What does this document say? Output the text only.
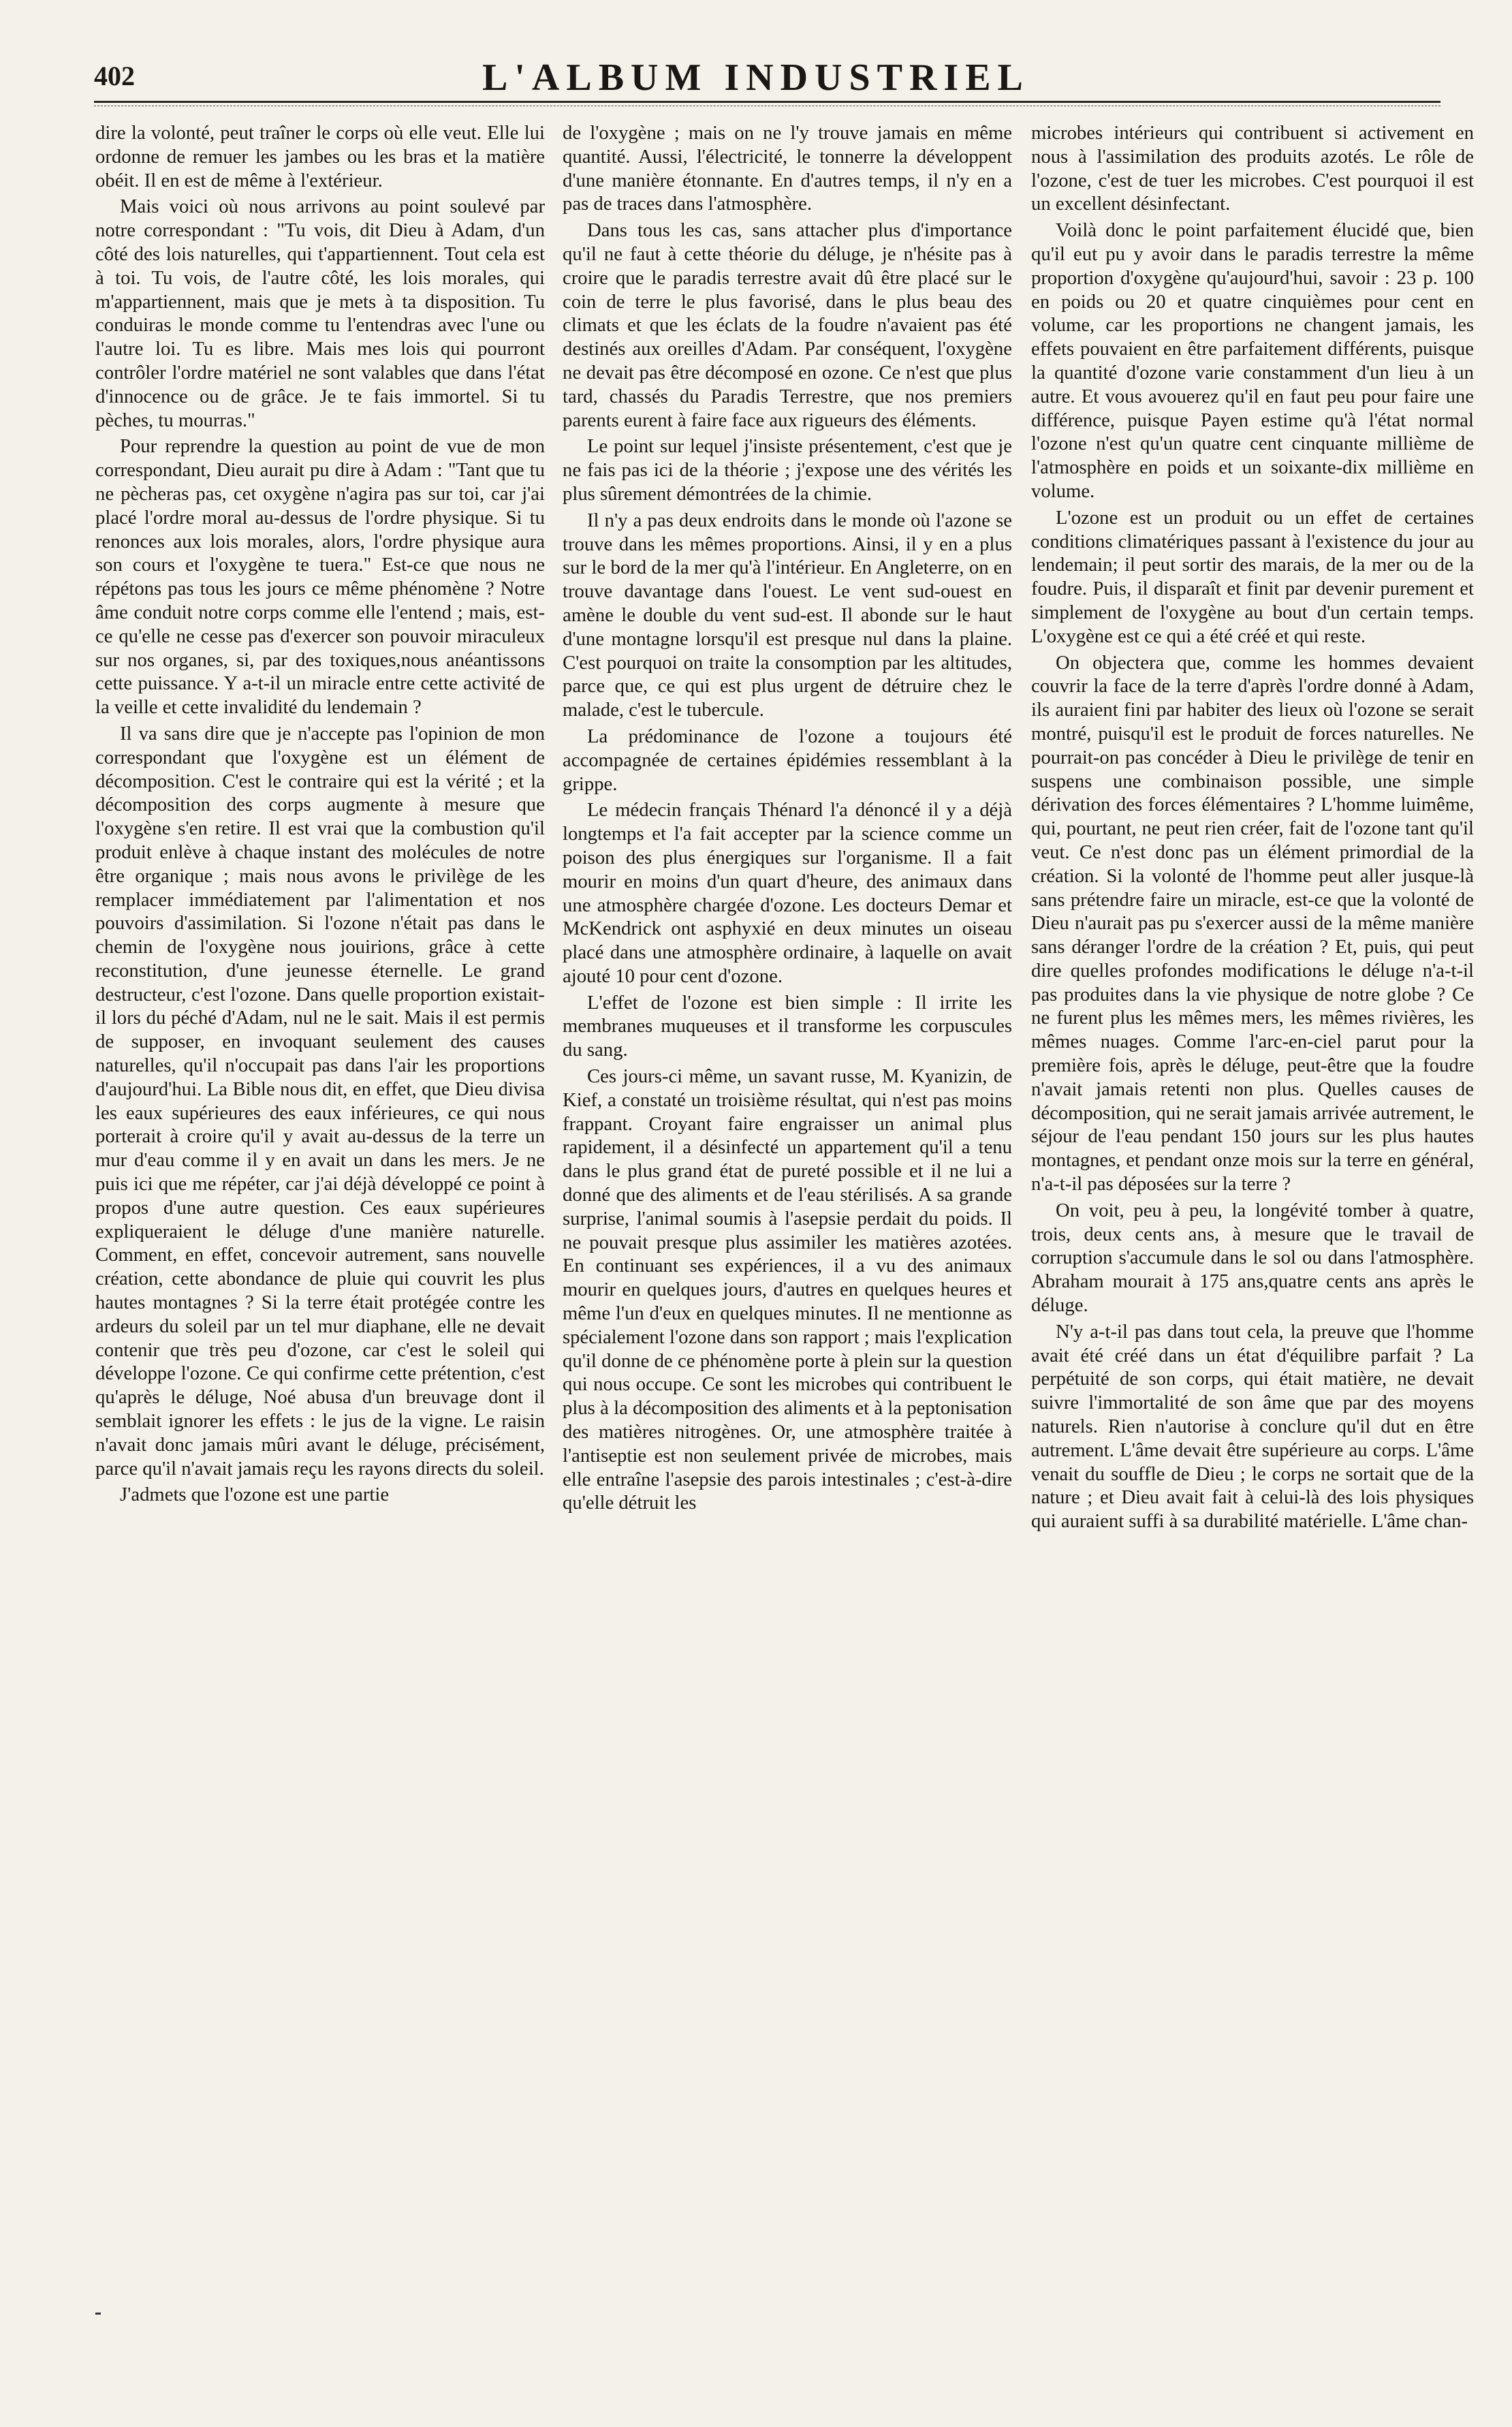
402	L'ALBUM INDUSTRIEL

dire la volonté, peut traîner le corps où elle veut. Elle lui ordonne de remuer les jambes ou les bras et la matière obéit. Il en est de même à l'extérieur.

Mais voici où nous arrivons au point soulevé par notre correspondant : "Tu vois, dit Dieu à Adam, d'un côté des lois naturelles, qui t'appartiennent. Tout cela est à toi. Tu vois, de l'autre côté, les lois morales, qui m'appartiennent, mais que je mets à ta disposition. Tu conduiras le monde comme tu l'entendras avec l'une ou l'autre loi. Tu es libre. Mais mes lois qui pourront contrôler l'ordre matériel ne sont valables que dans l'état d'innocence ou de grâce. Je te fais immortel. Si tu pèches, tu mourras."

Pour reprendre la question au point de vue de mon correspondant, Dieu aurait pu dire à Adam : "Tant que tu ne pècheras pas, cet oxygène n'agira pas sur toi, car j'ai placé l'ordre moral au-dessus de l'ordre physique. Si tu renonces aux lois morales, alors, l'ordre physique aura son cours et l'oxygène te tuera." Est-ce que nous ne répétons pas tous les jours ce même phénomène ? Notre âme conduit notre corps comme elle l'entend ; mais, est-ce qu'elle ne cesse pas d'exercer son pouvoir miraculeux sur nos organes, si, par des toxiques,nous anéantissons cette puissance. Y a-t-il un miracle entre cette activité de la veille et cette invalidité du lendemain ?

Il va sans dire que je n'accepte pas l'opinion de mon correspondant que l'oxygène est un élément de décomposition. C'est le contraire qui est la vérité ; et la décomposition des corps augmente à mesure que l'oxygène s'en retire. Il est vrai que la combustion qu'il produit enlève à chaque instant des molécules de notre être organique ; mais nous avons le privilège de les remplacer immédiatement par l'alimentation et nos pouvoirs d'assimilation. Si l'ozone n'était pas dans le chemin de l'oxygène nous jouirions, grâce à cette reconstitution, d'une jeunesse éternelle. Le grand destructeur, c'est l'ozone. Dans quelle proportion existait-il lors du péché d'Adam, nul ne le sait. Mais il est permis de supposer, en invoquant seulement des causes naturelles, qu'il n'occupait pas dans l'air les proportions d'aujourd'hui. La Bible nous dit, en effet, que Dieu divisa les eaux supérieures des eaux inférieures, ce qui nous porterait à croire qu'il y avait au-dessus de la terre un mur d'eau comme il y en avait un dans les mers. Je ne puis ici que me répéter, car j'ai déjà développé ce point à propos d'une autre question. Ces eaux supérieures expliqueraient le déluge d'une manière naturelle. Comment, en effet, concevoir autrement, sans nouvelle création, cette abondance de pluie qui couvrit les plus hautes montagnes ? Si la terre était protégée contre les ardeurs du soleil par un tel mur diaphane, elle ne devait contenir que très peu d'ozone, car c'est le soleil qui développe l'ozone. Ce qui confirme cette prétention, c'est qu'après le déluge, Noé abusa d'un breuvage dont il semblait ignorer les effets : le jus de la vigne. Le raisin n'avait donc jamais mûri avant le déluge, précisément, parce qu'il n'avait jamais reçu les rayons directs du soleil.

J'admets que l'ozone est une partie

de l'oxygène ; mais on ne l'y trouve jamais en même quantité. Aussi, l'électricité, le tonnerre la développent d'une manière étonnante. En d'autres temps, il n'y en a pas de traces dans l'atmosphère.

Dans tous les cas, sans attacher plus d'importance qu'il ne faut à cette théorie du déluge, je n'hésite pas à croire que le paradis terrestre avait dû être placé sur le coin de terre le plus favorisé, dans le plus beau des climats et que les éclats de la foudre n'avaient pas été destinés aux oreilles d'Adam. Par conséquent, l'oxygène ne devait pas être décomposé en ozone. Ce n'est que plus tard, chassés du Paradis Terrestre, que nos premiers parents eurent à faire face aux rigueurs des éléments.

Le point sur lequel j'insiste présentement, c'est que je ne fais pas ici de la théorie ; j'expose une des vérités les plus sûrement démontrées de la chimie.

Il n'y a pas deux endroits dans le monde où l'azone se trouve dans les mêmes proportions. Ainsi, il y en a plus sur le bord de la mer qu'à l'intérieur. En Angleterre, on en trouve davantage dans l'ouest. Le vent sud-ouest en amène le double du vent sud-est. Il abonde sur le haut d'une montagne lorsqu'il est presque nul dans la plaine. C'est pourquoi on traite la consomption par les altitudes, parce que, ce qui est plus urgent de détruire chez le malade, c'est le tubercule.

La prédominance de l'ozone a toujours été accompagnée de certaines épidémies ressemblant à la grippe.

Le médecin français Thénard l'a dénoncé il y a déjà longtemps et l'a fait accepter par la science comme un poison des plus énergiques sur l'organisme. Il a fait mourir en moins d'un quart d'heure, des animaux dans une atmosphère chargée d'ozone. Les docteurs Demar et McKendrick ont asphyxié en deux minutes un oiseau placé dans une atmosphère ordinaire, à laquelle on avait ajouté 10 pour cent d'ozone.

L'effet de l'ozone est bien simple : Il irrite les membranes muqueuses et il transforme les corpuscules du sang.

Ces jours-ci même, un savant russe, M. Kyanizin, de Kief, a constaté un troisième résultat, qui n'est pas moins frappant. Croyant faire engraisser un animal plus rapidement, il a désinfecté un appartement qu'il a tenu dans le plus grand état de pureté possible et il ne lui a donné que des aliments et de l'eau stérilisés. A sa grande surprise, l'animal soumis à l'asepsie perdait du poids. Il ne pouvait presque plus assimiler les matières azotées. En continuant ses expériences, il a vu des animaux mourir en quelques jours, d'autres en quelques heures et même l'un d'eux en quelques minutes. Il ne mentionne as spécialement l'ozone dans son rapport ; mais l'explication qu'il donne de ce phénomène porte à plein sur la question qui nous occupe. Ce sont les microbes qui contribuent le plus à la décomposition des aliments et à la peptonisation des matières nitrogènes. Or, une atmosphère traitée à l'antiseptie est non seulement privée de microbes, mais elle entraîne l'asepsie des parois intestinales ; c'est-à-dire qu'elle détruit les

microbes intérieurs qui contribuent si activement en nous à l'assimilation des produits azotés. Le rôle de l'ozone, c'est de tuer les microbes. C'est pourquoi il est un excellent désinfectant.

Voilà donc le point parfaitement élucidé que, bien qu'il eut pu y avoir dans le paradis terrestre la même proportion d'oxygène qu'aujourd'hui, savoir : 23 p. 100 en poids ou 20 et quatre cinquièmes pour cent en volume, car les proportions ne changent jamais, les effets pouvaient en être parfaitement différents, puisque la quantité d'ozone varie constamment d'un lieu à un autre. Et vous avouerez qu'il en faut peu pour faire une différence, puisque Payen estime qu'à l'état normal l'ozone n'est qu'un quatre cent cinquante millième de l'atmosphère en poids et un soixante-dix millième en volume.

L'ozone est un produit ou un effet de certaines conditions climatériques passant à l'existence du jour au lendemain; il peut sortir des marais, de la mer ou de la foudre. Puis, il disparaît et finit par devenir purement et simplement de l'oxygène au bout d'un certain temps. L'oxygène est ce qui a été créé et qui reste.

On objectera que, comme les hommes devaient couvrir la face de la terre d'après l'ordre donné à Adam, ils auraient fini par habiter des lieux où l'ozone se serait montré, puisqu'il est le produit de forces naturelles. Ne pourrait-on pas concéder à Dieu le privilège de tenir en suspens une combinaison possible, une simple dérivation des forces élémentaires ? L'homme luimême, qui, pourtant, ne peut rien créer, fait de l'ozone tant qu'il veut. Ce n'est donc pas un élément primordial de la création. Si la volonté de l'homme peut aller jusque-là sans prétendre faire un miracle, est-ce que la volonté de Dieu n'aurait pas pu s'exercer aussi de la même manière sans déranger l'ordre de la création ? Et, puis, qui peut dire quelles profondes modifications le déluge n'a-t-il pas produites dans la vie physique de notre globe ? Ce ne furent plus les mêmes mers, les mêmes rivières, les mêmes nuages. Comme l'arc-en-ciel parut pour la première fois, après le déluge, peut-être que la foudre n'avait jamais retenti non plus. Quelles causes de décomposition, qui ne serait jamais arrivée autrement, le séjour de l'eau pendant 150 jours sur les plus hautes montagnes, et pendant onze mois sur la terre en général, n'a-t-il pas déposées sur la terre ?

On voit, peu à peu, la longévité tomber à quatre, trois, deux cents ans, à mesure que le travail de corruption s'accumule dans le sol ou dans l'atmosphère. Abraham mourait à 175 ans,quatre cents ans après le déluge.

N'y a-t-il pas dans tout cela, la preuve que l'homme avait été créé dans un état d'équilibre parfait ? La perpétuité de son corps, qui était matière, ne devait suivre l'immortalité de son âme que par des moyens naturels. Rien n'autorise à conclure qu'il dut en être autrement. L'âme devait être supérieure au corps. L'âme venait du souffle de Dieu ; le corps ne sortait que de la nature ; et Dieu avait fait à celui-là des lois physiques qui auraient suffi à sa durabilité matérielle. L'âme chan-
